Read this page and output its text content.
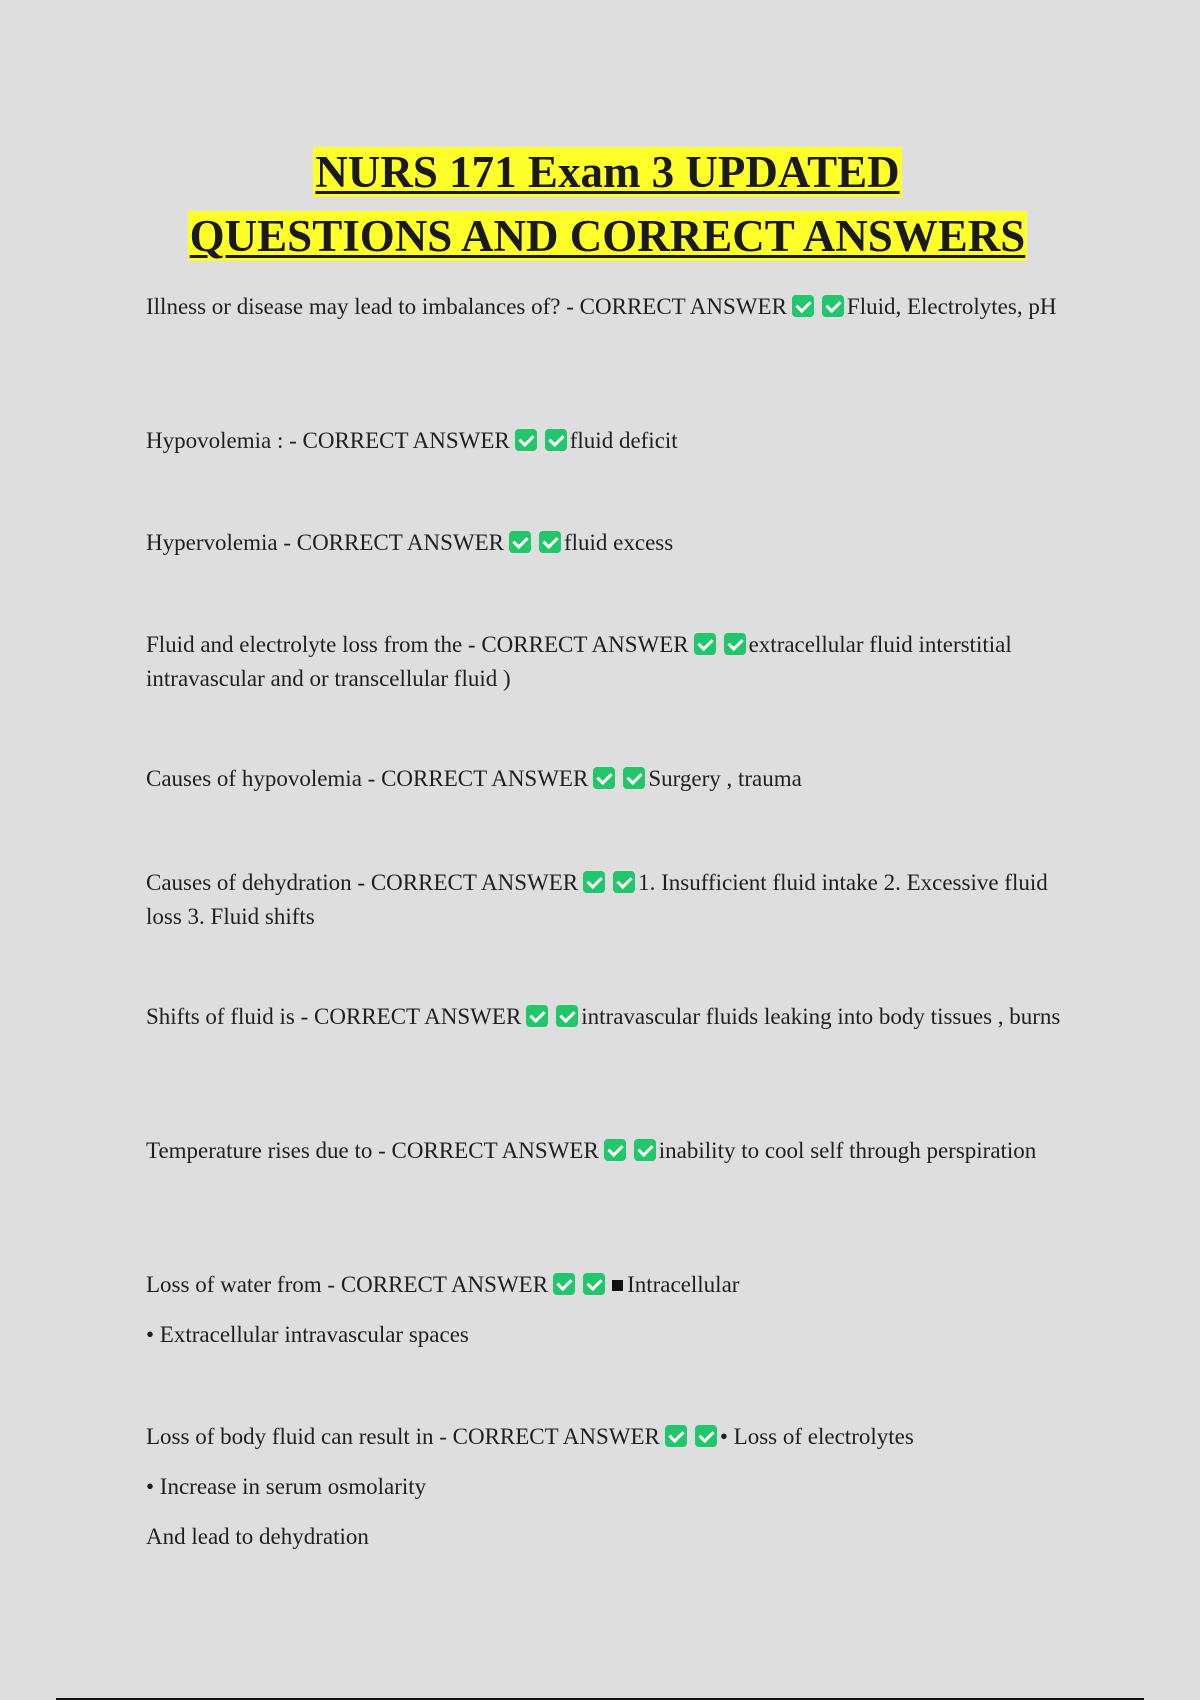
NURS 171 Exam 3 UPDATED
QUESTIONS AND CORRECT ANSWERS

Illness or disease may lead to imbalances of? - CORRECT ANSWER	Fluid, Electrolytes, pH

Hypovolemia : - CORRECT ANSWER	fluid deficit

Hypervolemia - CORRECT ANSWER	fluid excess

Fluid and electrolyte loss from the - CORRECT ANSWER	extracellular fluid interstitial intravascular and or transcellular fluid )

Causes of hypovolemia - CORRECT ANSWER	Surgery , trauma

Causes of dehydration - CORRECT ANSWER	1. Insufficient fluid intake 2. Excessive fluid loss 3. Fluid shifts

Shifts of fluid is - CORRECT ANSWER	intravascular fluids leaking into body tissues , burns

Temperature rises due to - CORRECT ANSWER	inability to cool self through perspiration

Loss of water from - CORRECT ANSWER	Intracellular

• Extracellular intravascular spaces

Loss of body fluid can result in - CORRECT ANSWER	• Loss of electrolytes

• Increase in serum osmolarity

And lead to dehydration
